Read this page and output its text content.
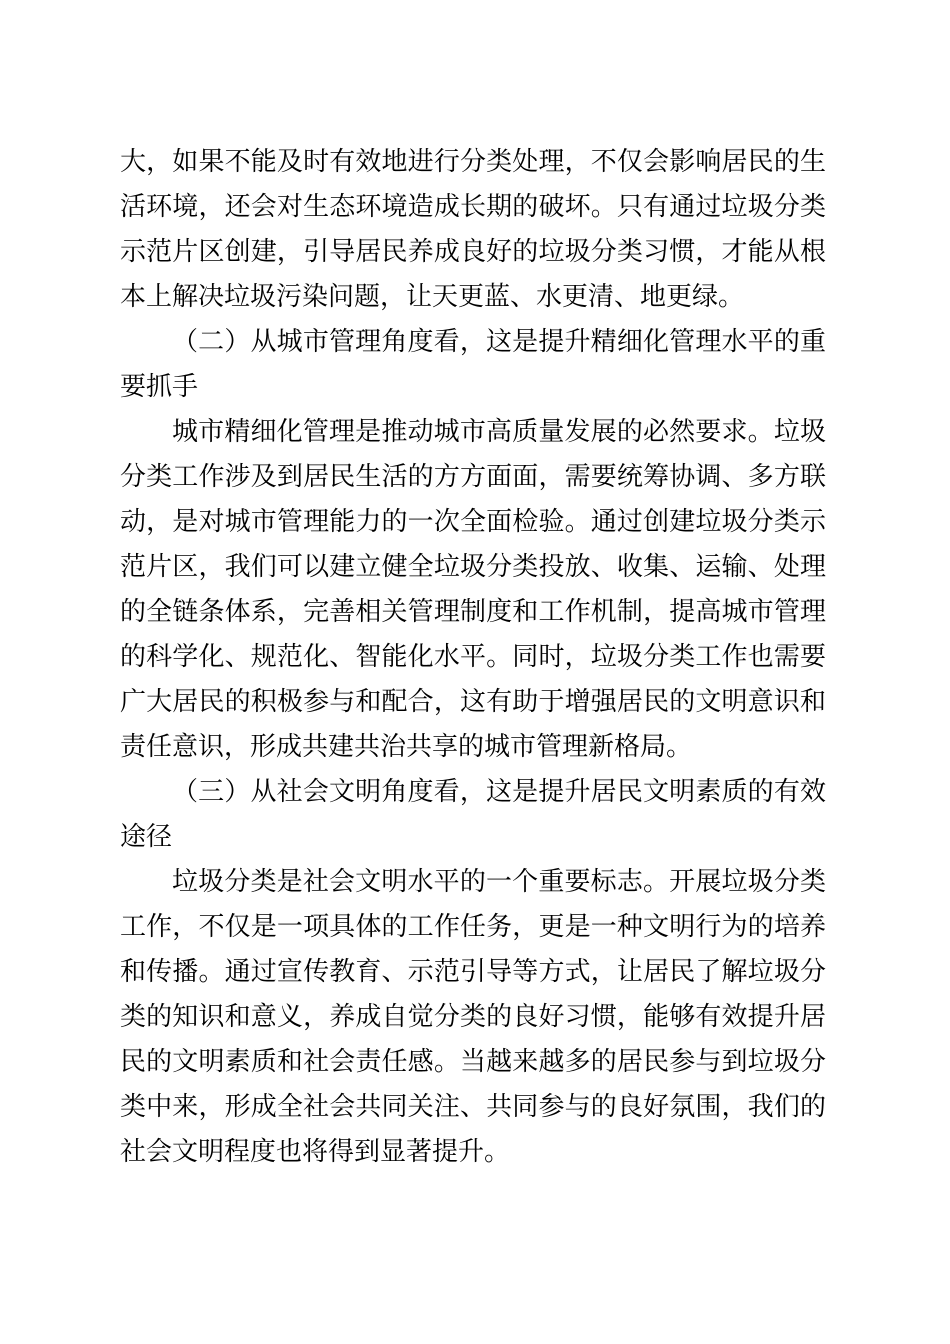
大，如果不能及时有效地进行分类处理，不仅会影响居民的生
活环境，还会对生态环境造成长期的破坏。只有通过垃圾分类
示范片区创建，引导居民养成良好的垃圾分类习惯，才能从根
本上解决垃圾污染问题，让天更蓝、水更清、地更绿。
（二）从城市管理角度看，这是提升精细化管理水平的重
要抓手
城市精细化管理是推动城市高质量发展的必然要求。垃圾
分类工作涉及到居民生活的方方面面，需要统筹协调、多方联
动，是对城市管理能力的一次全面检验。通过创建垃圾分类示
范片区，我们可以建立健全垃圾分类投放、收集、运输、处理
的全链条体系，完善相关管理制度和工作机制，提高城市管理
的科学化、规范化、智能化水平。同时，垃圾分类工作也需要
广大居民的积极参与和配合，这有助于增强居民的文明意识和
责任意识，形成共建共治共享的城市管理新格局。
（三）从社会文明角度看，这是提升居民文明素质的有效
途径
垃圾分类是社会文明水平的一个重要标志。开展垃圾分类
工作，不仅是一项具体的工作任务，更是一种文明行为的培养
和传播。通过宣传教育、示范引导等方式，让居民了解垃圾分
类的知识和意义，养成自觉分类的良好习惯，能够有效提升居
民的文明素质和社会责任感。当越来越多的居民参与到垃圾分
类中来，形成全社会共同关注、共同参与的良好氛围，我们的
社会文明程度也将得到显著提升。
